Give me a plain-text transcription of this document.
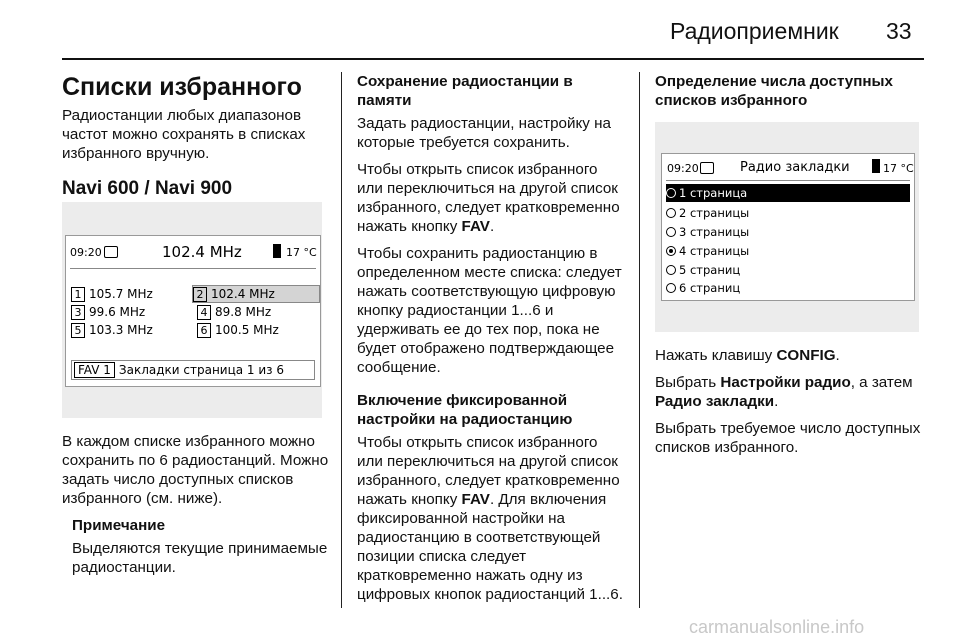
Радиоприемник 33
Списки избранного

Радиостанции любых диапазонов частот можно сохранять в списках избранного вручную.

Navi 600 / Navi 900
09:20	102.4 MHz	17 °C
1 105.7 MHz	2 102.4 MHz
3 99.6 MHz	4 89.8 MHz
5 103.3 MHz	6 100.5 MHz
FAV 1 Закладки страница 1 из 6

В каждом списке избранного можно сохранить по 6 радиостанций. Можно задать число доступных списков избранного (см. ниже).

Примечание
Выделяются текущие принимаемые радиостанции.
Сохранение радиостанции в памяти

Задать радиостанции, настройку на которые требуется сохранить.

Чтобы открыть список избранного или переключиться на другой список избранного, следует кратковременно нажать кнопку FAV.

Чтобы сохранить радиостанцию в определенном месте списка: следует нажать соответствующую цифровую кнопку радиостанции 1...6 и удерживать ее до тех пор, пока не будет отображено подтверждающее сообщение.

Включение фиксированной настройки на радиостанцию

Чтобы открыть список избранного или переключиться на другой список избранного, следует кратковременно нажать кнопку FAV. Для включения фиксированной настройки на радиостанцию в соответствующей позиции списка следует кратковременно нажать одну из цифровых кнопок радиостанций 1...6.

Определение числа доступных списков избранного
09:20	Радио закладки	17 °C
1 страница
2 страницы
3 страницы
4 страницы
5 страниц
6 страниц

Нажать клавишу CONFIG.

Выбрать Настройки радио, а затем Радио закладки.

Выбрать требуемое число доступных списков избранного.

carmanualsonline.info
